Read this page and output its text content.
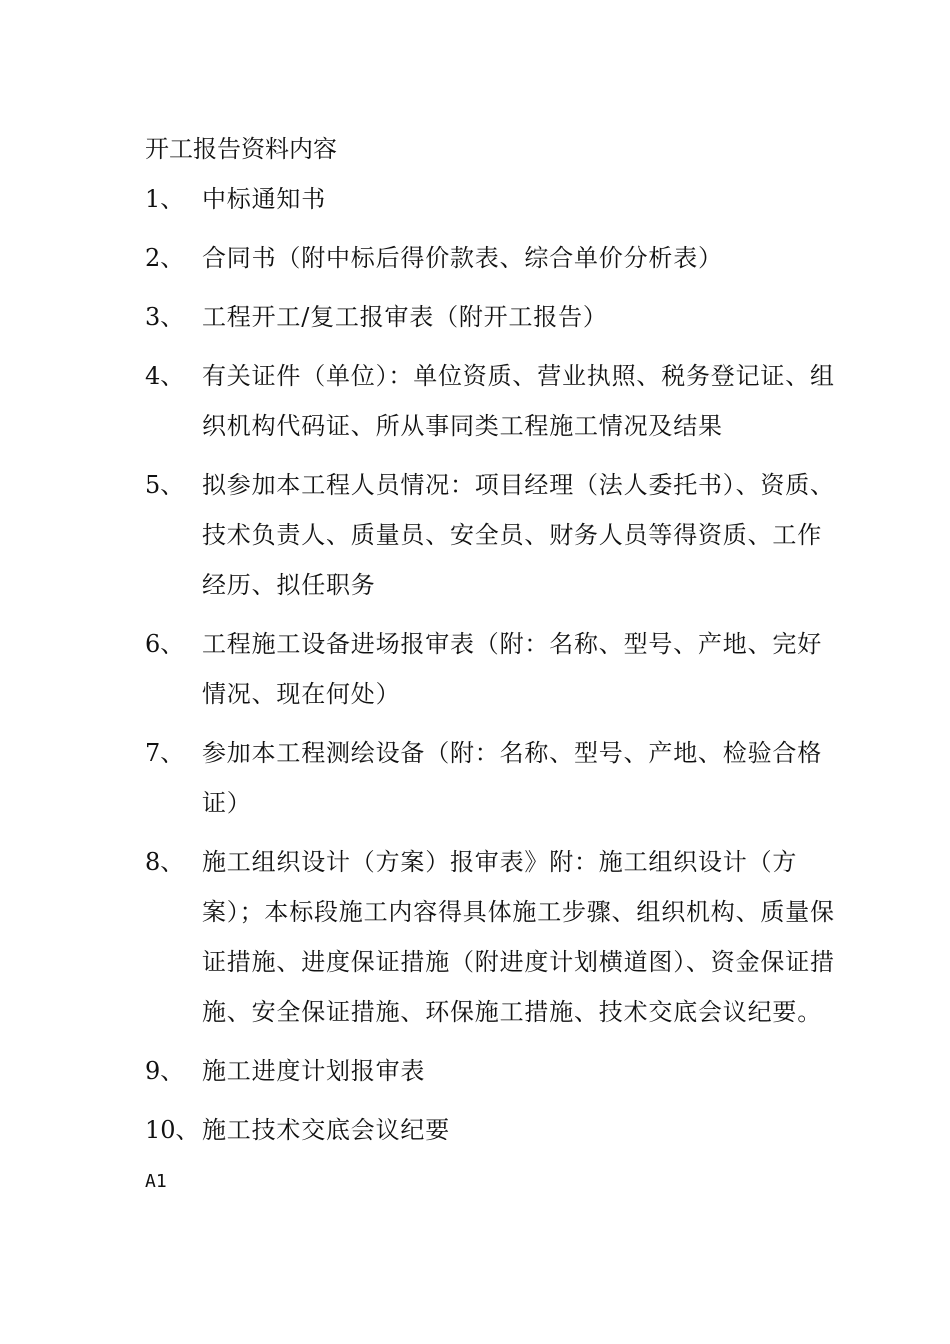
开工报告资料内容
1、 中标通知书
2、 合同书（附中标后得价款表、综合单价分析表）
3、 工程开工/复工报审表（附开工报告）
4、 有关证件（单位）：单位资质、营业执照、税务登记证、组织机构代码证、所从事同类工程施工情况及结果
5、 拟参加本工程人员情况：项目经理（法人委托书）、资质、技术负责人、质量员、安全员、财务人员等得资质、工作经历、拟任职务
6、 工程施工设备进场报审表（附：名称、型号、产地、完好情况、现在何处）
7、 参加本工程测绘设备（附：名称、型号、产地、检验合格证）
8、 施工组织设计（方案）报审表》附：施工组织设计（方案）；本标段施工内容得具体施工步骤、组织机构、质量保证措施、进度保证措施（附进度计划横道图）、资金保证措施、安全保证措施、环保施工措施、技术交底会议纪要。
9、 施工进度计划报审表
10、 施工技术交底会议纪要
A1
